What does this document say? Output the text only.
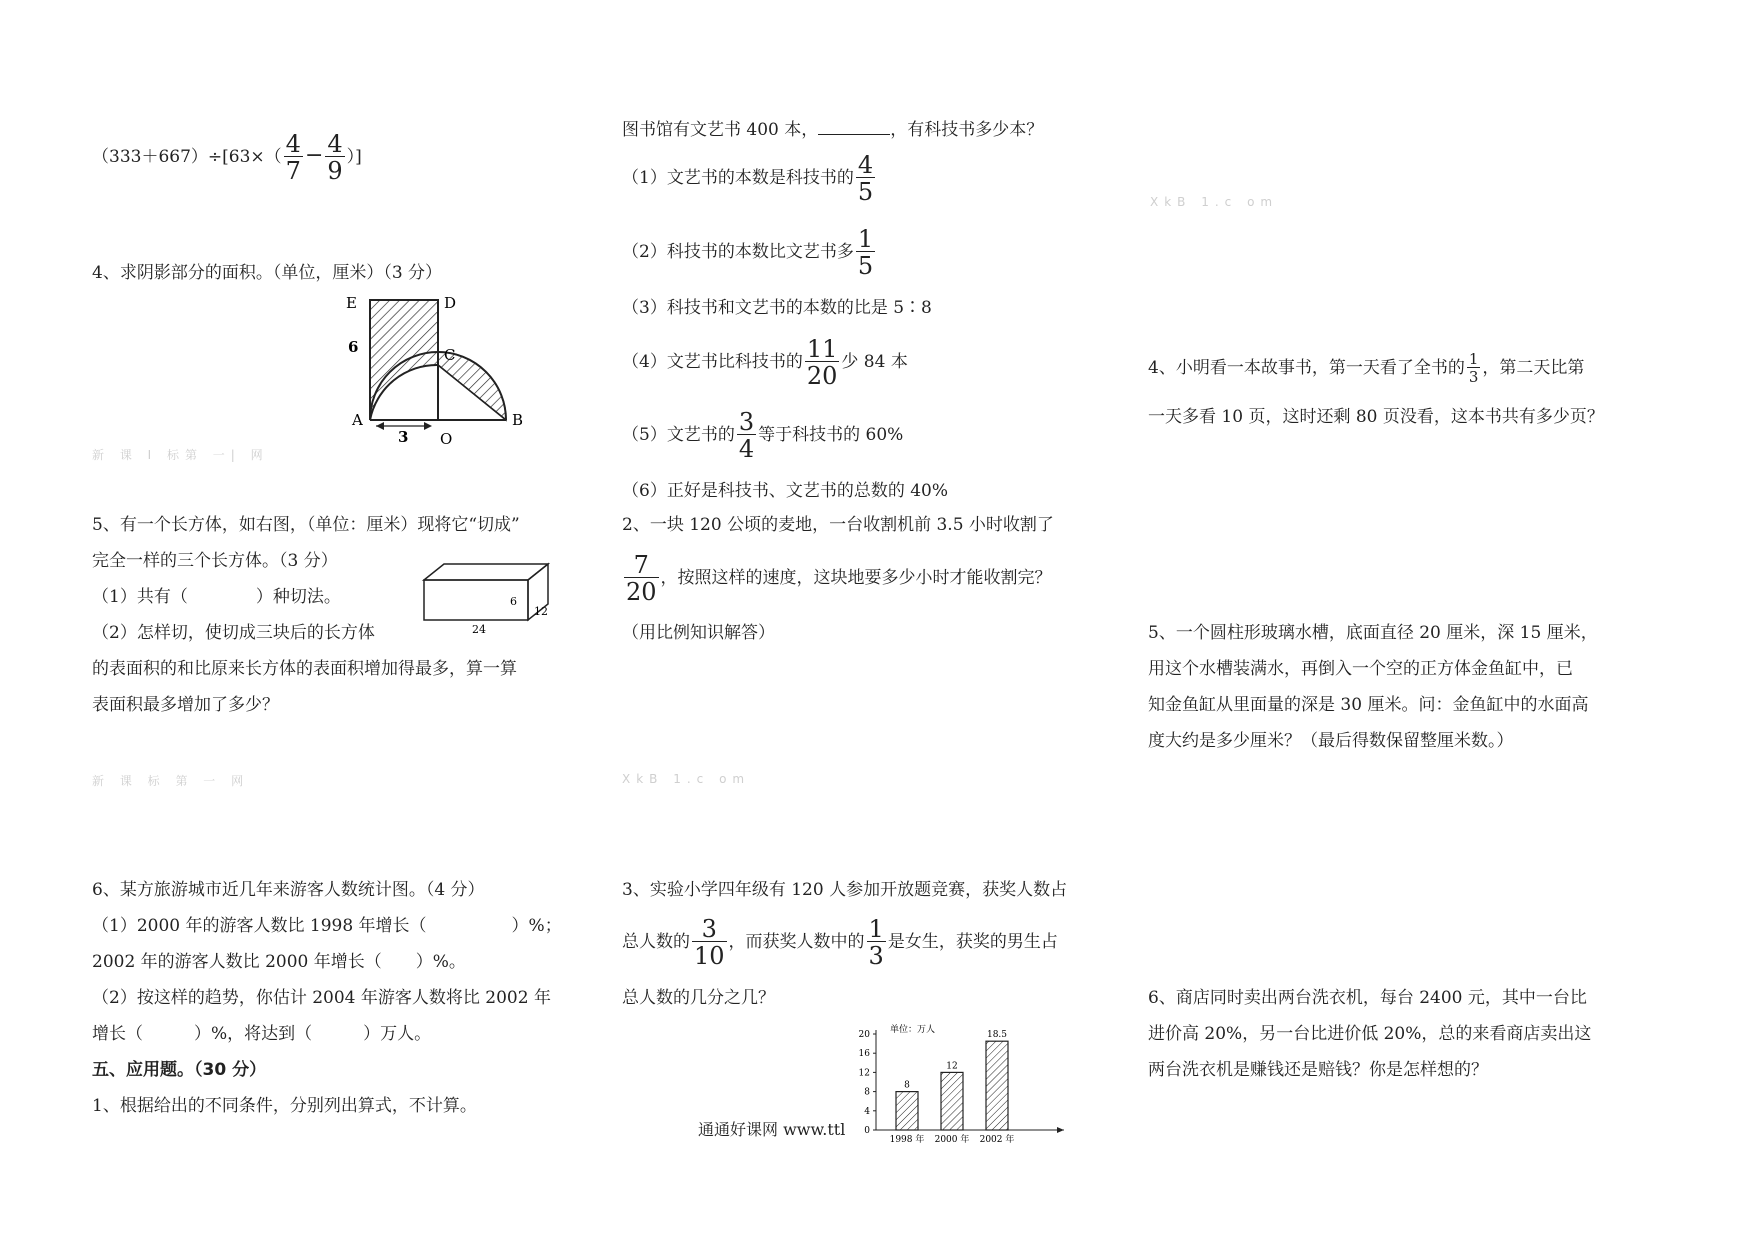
$(333+667)\div[63\times( \frac{4}{7} - \frac{4}{9}$ ）]
4、求阴影部分的面积。（单位，厘米）（3 分）
E	D
6	C
A	B
O
3
新 课 I 标第 一| 网
5、有一个长方体，如右图，（单位：厘米）现将它“切成”
完全一样的三个长方体。（3 分）
（1）共有（　　　　）种切法。
（2）怎样切，使切成三块后的长方体
的表面积的和比原来长方体的表面积增加得最多，算一算
表面积最多增加了多少？
6
12
24
新 课 标 第 一 网
6、某方旅游城市近几年来游客人数统计图。（4 分）
（1）2000 年的游客人数比 1998 年增长（　　　　　）%；
2002 年的游客人数比 2000 年增长（　　）%。
（2）按这样的趋势，你估计 2004 年游客人数将比 2002 年
增长（　　　）%，将达到（　　　）万人。
五、应用题。（30 分）
1、根据给出的不同条件，分别列出算式，不计算。
图书馆有文艺书 400 本，	，有科技书多少本？
（1）文艺书的本数是科技书的 $\frac{4}{5}$
（2）科技书的本数比文艺书多 $\frac{1}{5}$
（3）科技书和文艺书的本数的比是 5∶8
（4）文艺书比科技书的 $\frac{11}{20}$ 少 84 本
（5）文艺书的 $\frac{3}{4}$ 等于科技书的 60%
（6）正好是科技书、文艺书的总数的 40%
2、一块 120 公顷的麦地，一台收割机前 3.5 小时收割了
$\frac{7}{20}$ ，按照这样的速度，这块地要多少小时才能收割完？
（用比例知识解答）
XkB 1.c om
3、实验小学四年级有 120 人参加开放题竞赛，获奖人数占
总人数的 $\frac{3}{10}$ ，而获奖人数中的 $\frac{1}{3}$ 是女生，获奖的男生占
总人数的几分之几？
通通好课网 www.ttl 0
4
8
12
16
20
8
1998 年
12
2000 年
18.5
2002 年
单位：万人
XkB 1.c om
4、小明看一本故事书，第一天看了全书的 $\frac{1}{3}$ ，第二天比第
一天多看 10 页，这时还剩 80 页没看，这本书共有多少页？
5、一个圆柱形玻璃水槽，底面直径 20 厘米，深 15 厘米，
用这个水槽装满水，再倒入一个空的正方体金鱼缸中，已
知金鱼缸从里面量的深是 30 厘米。问：金鱼缸中的水面高
度大约是多少厘米？（最后得数保留整厘米数。）
6、商店同时卖出两台洗衣机，每台 2400 元，其中一台比
进价高 20%，另一台比进价低 20%，总的来看商店卖出这
两台洗衣机是赚钱还是赔钱？你是怎样想的？
